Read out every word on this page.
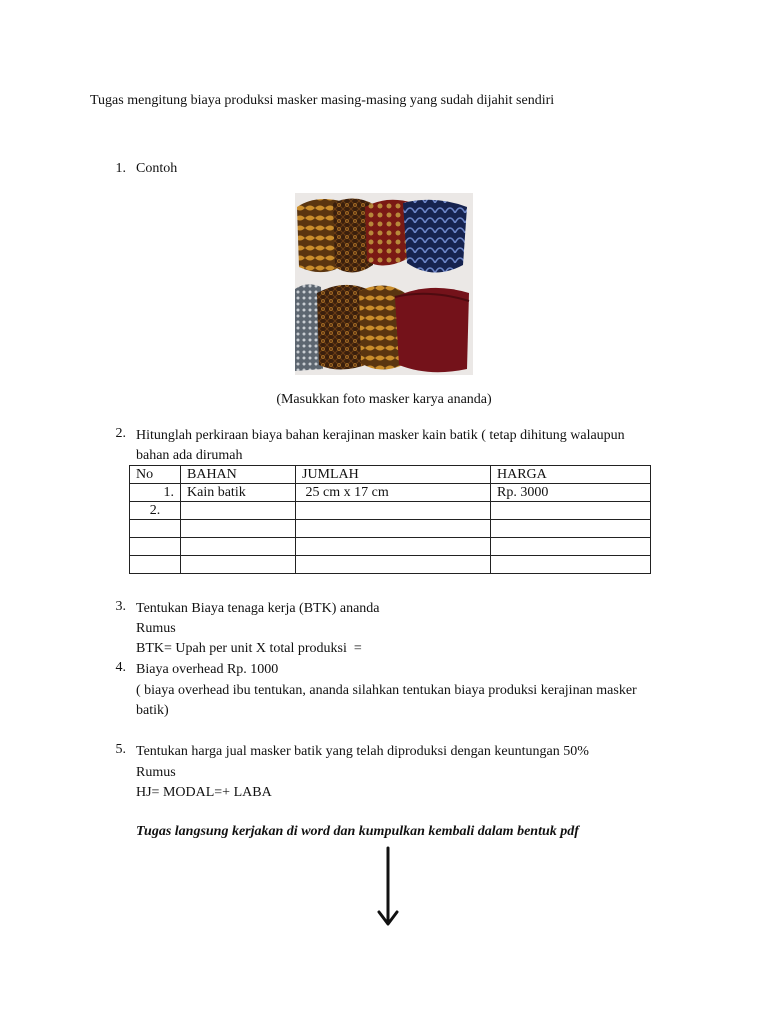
Tugas mengitung biaya produksi masker masing-masing yang sudah dijahit sendiri
1. Contoh
(Masukkan foto masker karya ananda)
2. Hitunglah perkiraan biaya bahan kerajinan masker kain batik ( tetap dihitung walaupun
bahan ada dirumah
No	BAHAN	JUMLAH	HARGA
1.	Kain batik	25 cm x 17 cm	Rp. 3000
2.			

3. Tentukan Biaya tenaga kerja (BTK) ananda
Rumus
BTK= Upah per unit X total produksi  =
4. Biaya overhead Rp. 1000
( biaya overhead ibu tentukan, ananda silahkan tentukan biaya produksi kerajinan masker
batik)
5. Tentukan harga jual masker batik yang telah diproduksi dengan keuntungan 50%
Rumus
HJ= MODAL=+ LABA
Tugas langsung kerjakan di word dan kumpulkan kembali dalam bentuk pdf
